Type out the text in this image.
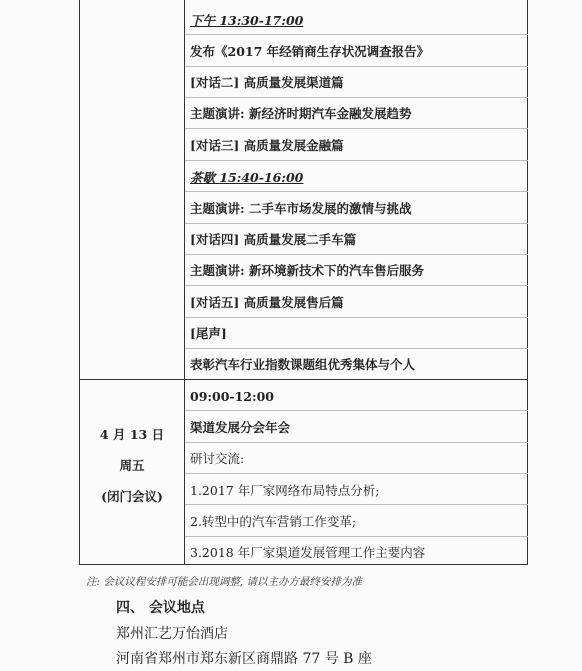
下午 13:30-17:00
发布《2017 年经销商生存状况调查报告》
[对话二] 高质量发展渠道篇
主题演讲: 新经济时期汽车金融发展趋势
[对话三] 高质量发展金融篇
茶歇 15:40-16:00
主题演讲: 二手车市场发展的激情与挑战
[对话四] 高质量发展二手车篇
主题演讲: 新环境新技术下的汽车售后服务
[对话五] 高质量发展售后篇
[尾声]
表彰汽车行业指数课题组优秀集体与个人
09:00-12:00
渠道发展分会年会
研讨交流:
1.2017 年厂家网络布局特点分析;
2.转型中的汽车营销工作变革;
3.2018 年厂家渠道发展管理工作主要内容
4 月 13 日
周五
(闭门会议)
注: 会议议程安排可能会出现调整, 请以主办方最终安排为准
四、 会议地点
郑州汇艺万怡酒店
河南省郑州市郑东新区商鼎路 77 号 B 座
